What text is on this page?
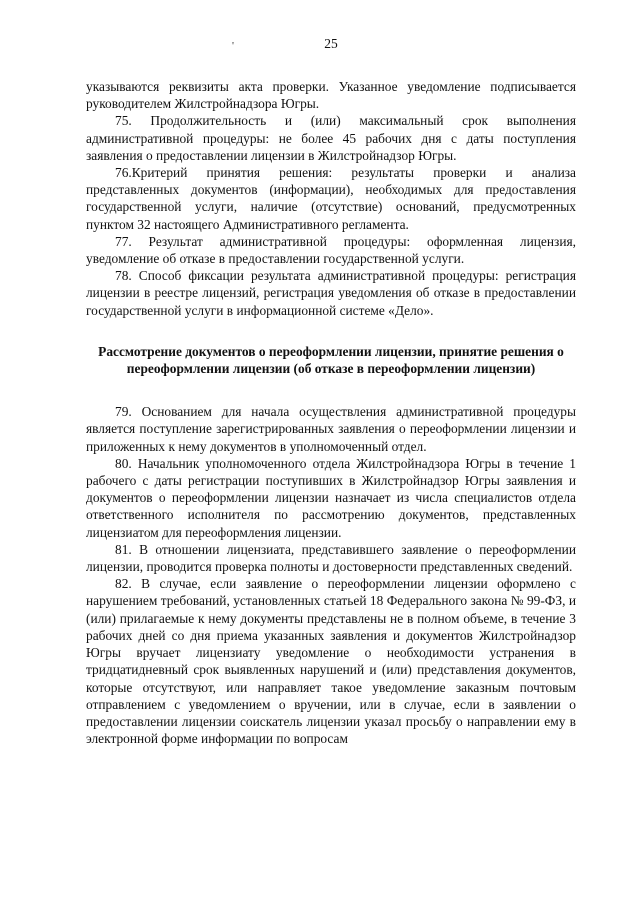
'	25

указываются реквизиты акта проверки. Указанное уведомление подписывается руководителем Жилстройнадзора Югры.

75. Продолжительность и (или) максимальный срок выполнения административной процедуры: не более 45 рабочих дня с даты поступления заявления о предоставлении лицензии в Жилстройнадзор Югры.

76.Критерий принятия решения: результаты проверки и анализа представленных документов (информации), необходимых для предоставления государственной услуги, наличие (отсутствие) оснований, предусмотренных пунктом 32 настоящего Административного регламента.

77. Результат административной процедуры: оформленная лицензия, уведомление об отказе в предоставлении государственной услуги.

78. Способ фиксации результата административной процедуры: регистрация лицензии в реестре лицензий, регистрация уведомления об отказе в предоставлении государственной услуги в информационной системе «Дело».

Рассмотрение документов о переоформлении лицензии, принятие решения о переоформлении лицензии (об отказе в переоформлении лицензии)

79. Основанием для начала осуществления административной процедуры является поступление зарегистрированных заявления о переоформлении лицензии и приложенных к нему документов в уполномоченный отдел.

80. Начальник уполномоченного отдела Жилстройнадзора Югры в течение 1 рабочего с даты регистрации поступивших в Жилстройнадзор Югры заявления и документов о переоформлении лицензии назначает из числа специалистов отдела ответственного исполнителя по рассмотрению документов, представленных лицензиатом для переоформления лицензии.

81. В отношении лицензиата, представившего заявление о переоформлении лицензии, проводится проверка полноты и достоверности представленных сведений.

82. В случае, если заявление о переоформлении лицензии оформлено с нарушением требований, установленных статьей 18 Федерального закона № 99-ФЗ, и (или) прилагаемые к нему документы представлены не в полном объеме, в течение 3 рабочих дней со дня приема указанных заявления и документов Жилстройнадзор Югры вручает лицензиату уведомление о необходимости устранения в тридцатидневный срок выявленных нарушений и (или) представления документов, которые отсутствуют, или направляет такое уведомление заказным почтовым отправлением с уведомлением о вручении, или в случае, если в заявлении о предоставлении лицензии соискатель лицензии указал просьбу о направлении ему в электронной форме информации по вопросам
